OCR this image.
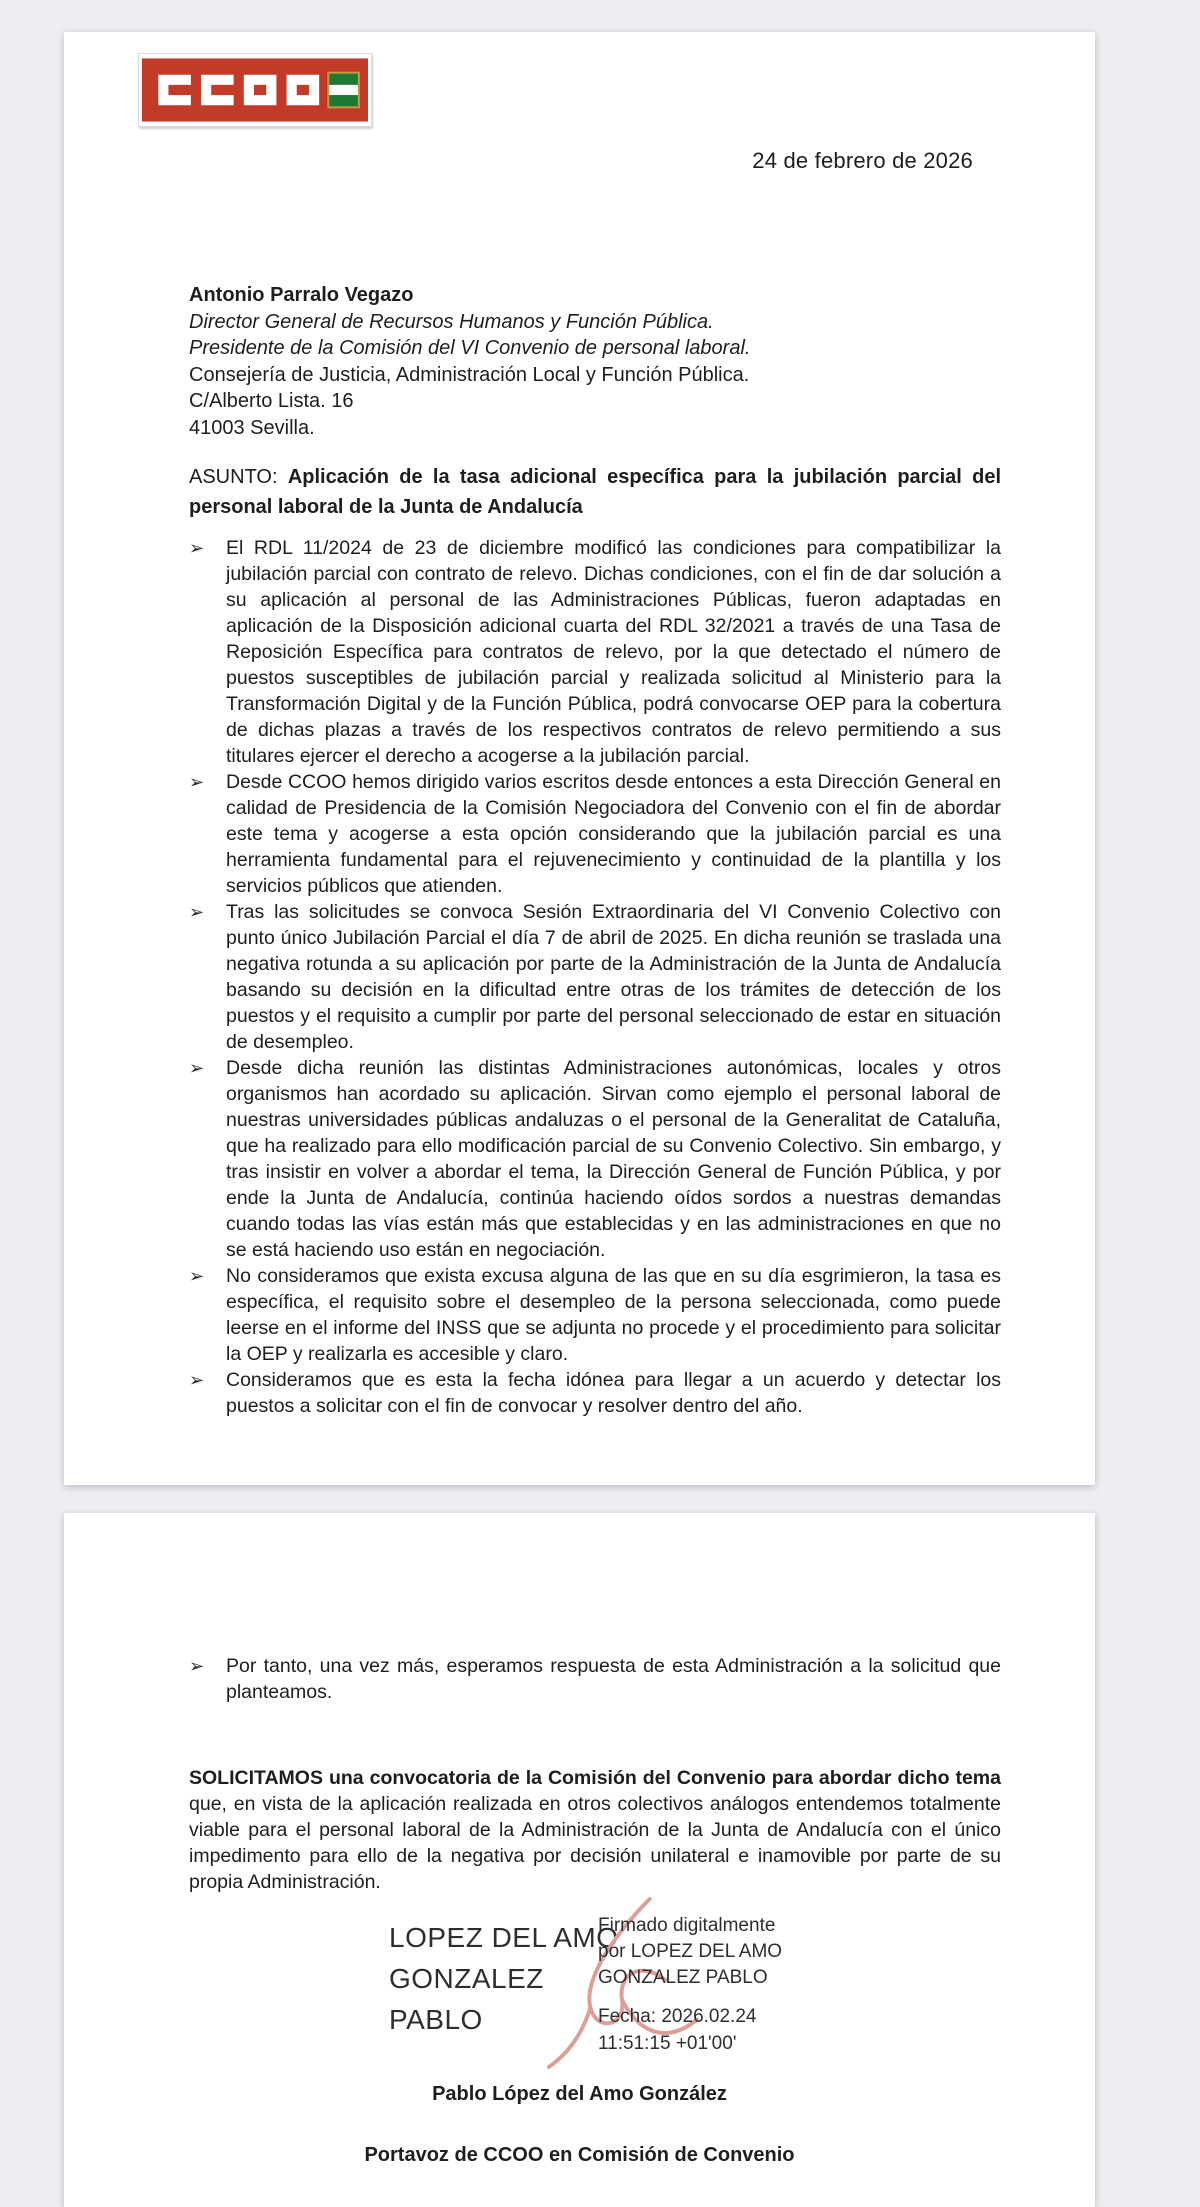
24 de febrero de 2026
Antonio Parralo Vegazo
Director General de Recursos Humanos y Función Pública.
Presidente de la Comisión del VI Convenio de personal laboral.
Consejería de Justicia, Administración Local y Función Pública.
C/Alberto Lista. 16
41003 Sevilla.
ASUNTO: Aplicación de la tasa adicional específica para la jubilación parcial del personal laboral de la Junta de Andalucía
➢ El RDL 11/2024 de 23 de diciembre modificó las condiciones para compatibilizar la jubilación parcial con contrato de relevo. Dichas condiciones, con el fin de dar solución a su aplicación al personal de las Administraciones Públicas, fueron adaptadas en aplicación de la Disposición adicional cuarta del RDL 32/2021 a través de una Tasa de Reposición Específica para contratos de relevo, por la que detectado el número de puestos susceptibles de jubilación parcial y realizada solicitud al Ministerio para la Transformación Digital y de la Función Pública, podrá convocarse OEP para la cobertura de dichas plazas a través de los respectivos contratos de relevo permitiendo a sus titulares ejercer el derecho a acogerse a la jubilación parcial.
➢ Desde CCOO hemos dirigido varios escritos desde entonces a esta Dirección General en calidad de Presidencia de la Comisión Negociadora del Convenio con el fin de abordar este tema y acogerse a esta opción considerando que la jubilación parcial es una herramienta fundamental para el rejuvenecimiento y continuidad de la plantilla y los servicios públicos que atienden.
➢ Tras las solicitudes se convoca Sesión Extraordinaria del VI Convenio Colectivo con punto único Jubilación Parcial el día 7 de abril de 2025. En dicha reunión se traslada una negativa rotunda a su aplicación por parte de la Administración de la Junta de Andalucía basando su decisión en la dificultad entre otras de los trámites de detección de los puestos y el requisito a cumplir por parte del personal seleccionado de estar en situación de desempleo.
➢ Desde dicha reunión las distintas Administraciones autonómicas, locales y otros organismos han acordado su aplicación. Sirvan como ejemplo el personal laboral de nuestras universidades públicas andaluzas o el personal de la Generalitat de Cataluña, que ha realizado para ello modificación parcial de su Convenio Colectivo. Sin embargo, y tras insistir en volver a abordar el tema, la Dirección General de Función Pública, y por ende la Junta de Andalucía, continúa haciendo oídos sordos a nuestras demandas cuando todas las vías están más que establecidas y en las administraciones en que no se está haciendo uso están en negociación.
➢ No consideramos que exista excusa alguna de las que en su día esgrimieron, la tasa es específica, el requisito sobre el desempleo de la persona seleccionada, como puede leerse en el informe del INSS que se adjunta no procede y el procedimiento para solicitar la OEP y realizarla es accesible y claro.
➢ Consideramos que es esta la fecha idónea para llegar a un acuerdo y detectar los puestos a solicitar con el fin de convocar y resolver dentro del año.
➢ Por tanto, una vez más, esperamos respuesta de esta Administración a la solicitud que planteamos.
SOLICITAMOS una convocatoria de la Comisión del Convenio para abordar dicho tema que, en vista de la aplicación realizada en otros colectivos análogos entendemos totalmente viable para el personal laboral de la Administración de la Junta de Andalucía con el único impedimento para ello de la negativa por decisión unilateral e inamovible por parte de su propia Administración.
LOPEZ DEL AMO
GONZALEZ
PABLO
Firmado digitalmente
por LOPEZ DEL AMO
GONZALEZ PABLO
Fecha: 2026.02.24
11:51:15 +01'00'
Pablo López del Amo González
Portavoz de CCOO en Comisión de Convenio
